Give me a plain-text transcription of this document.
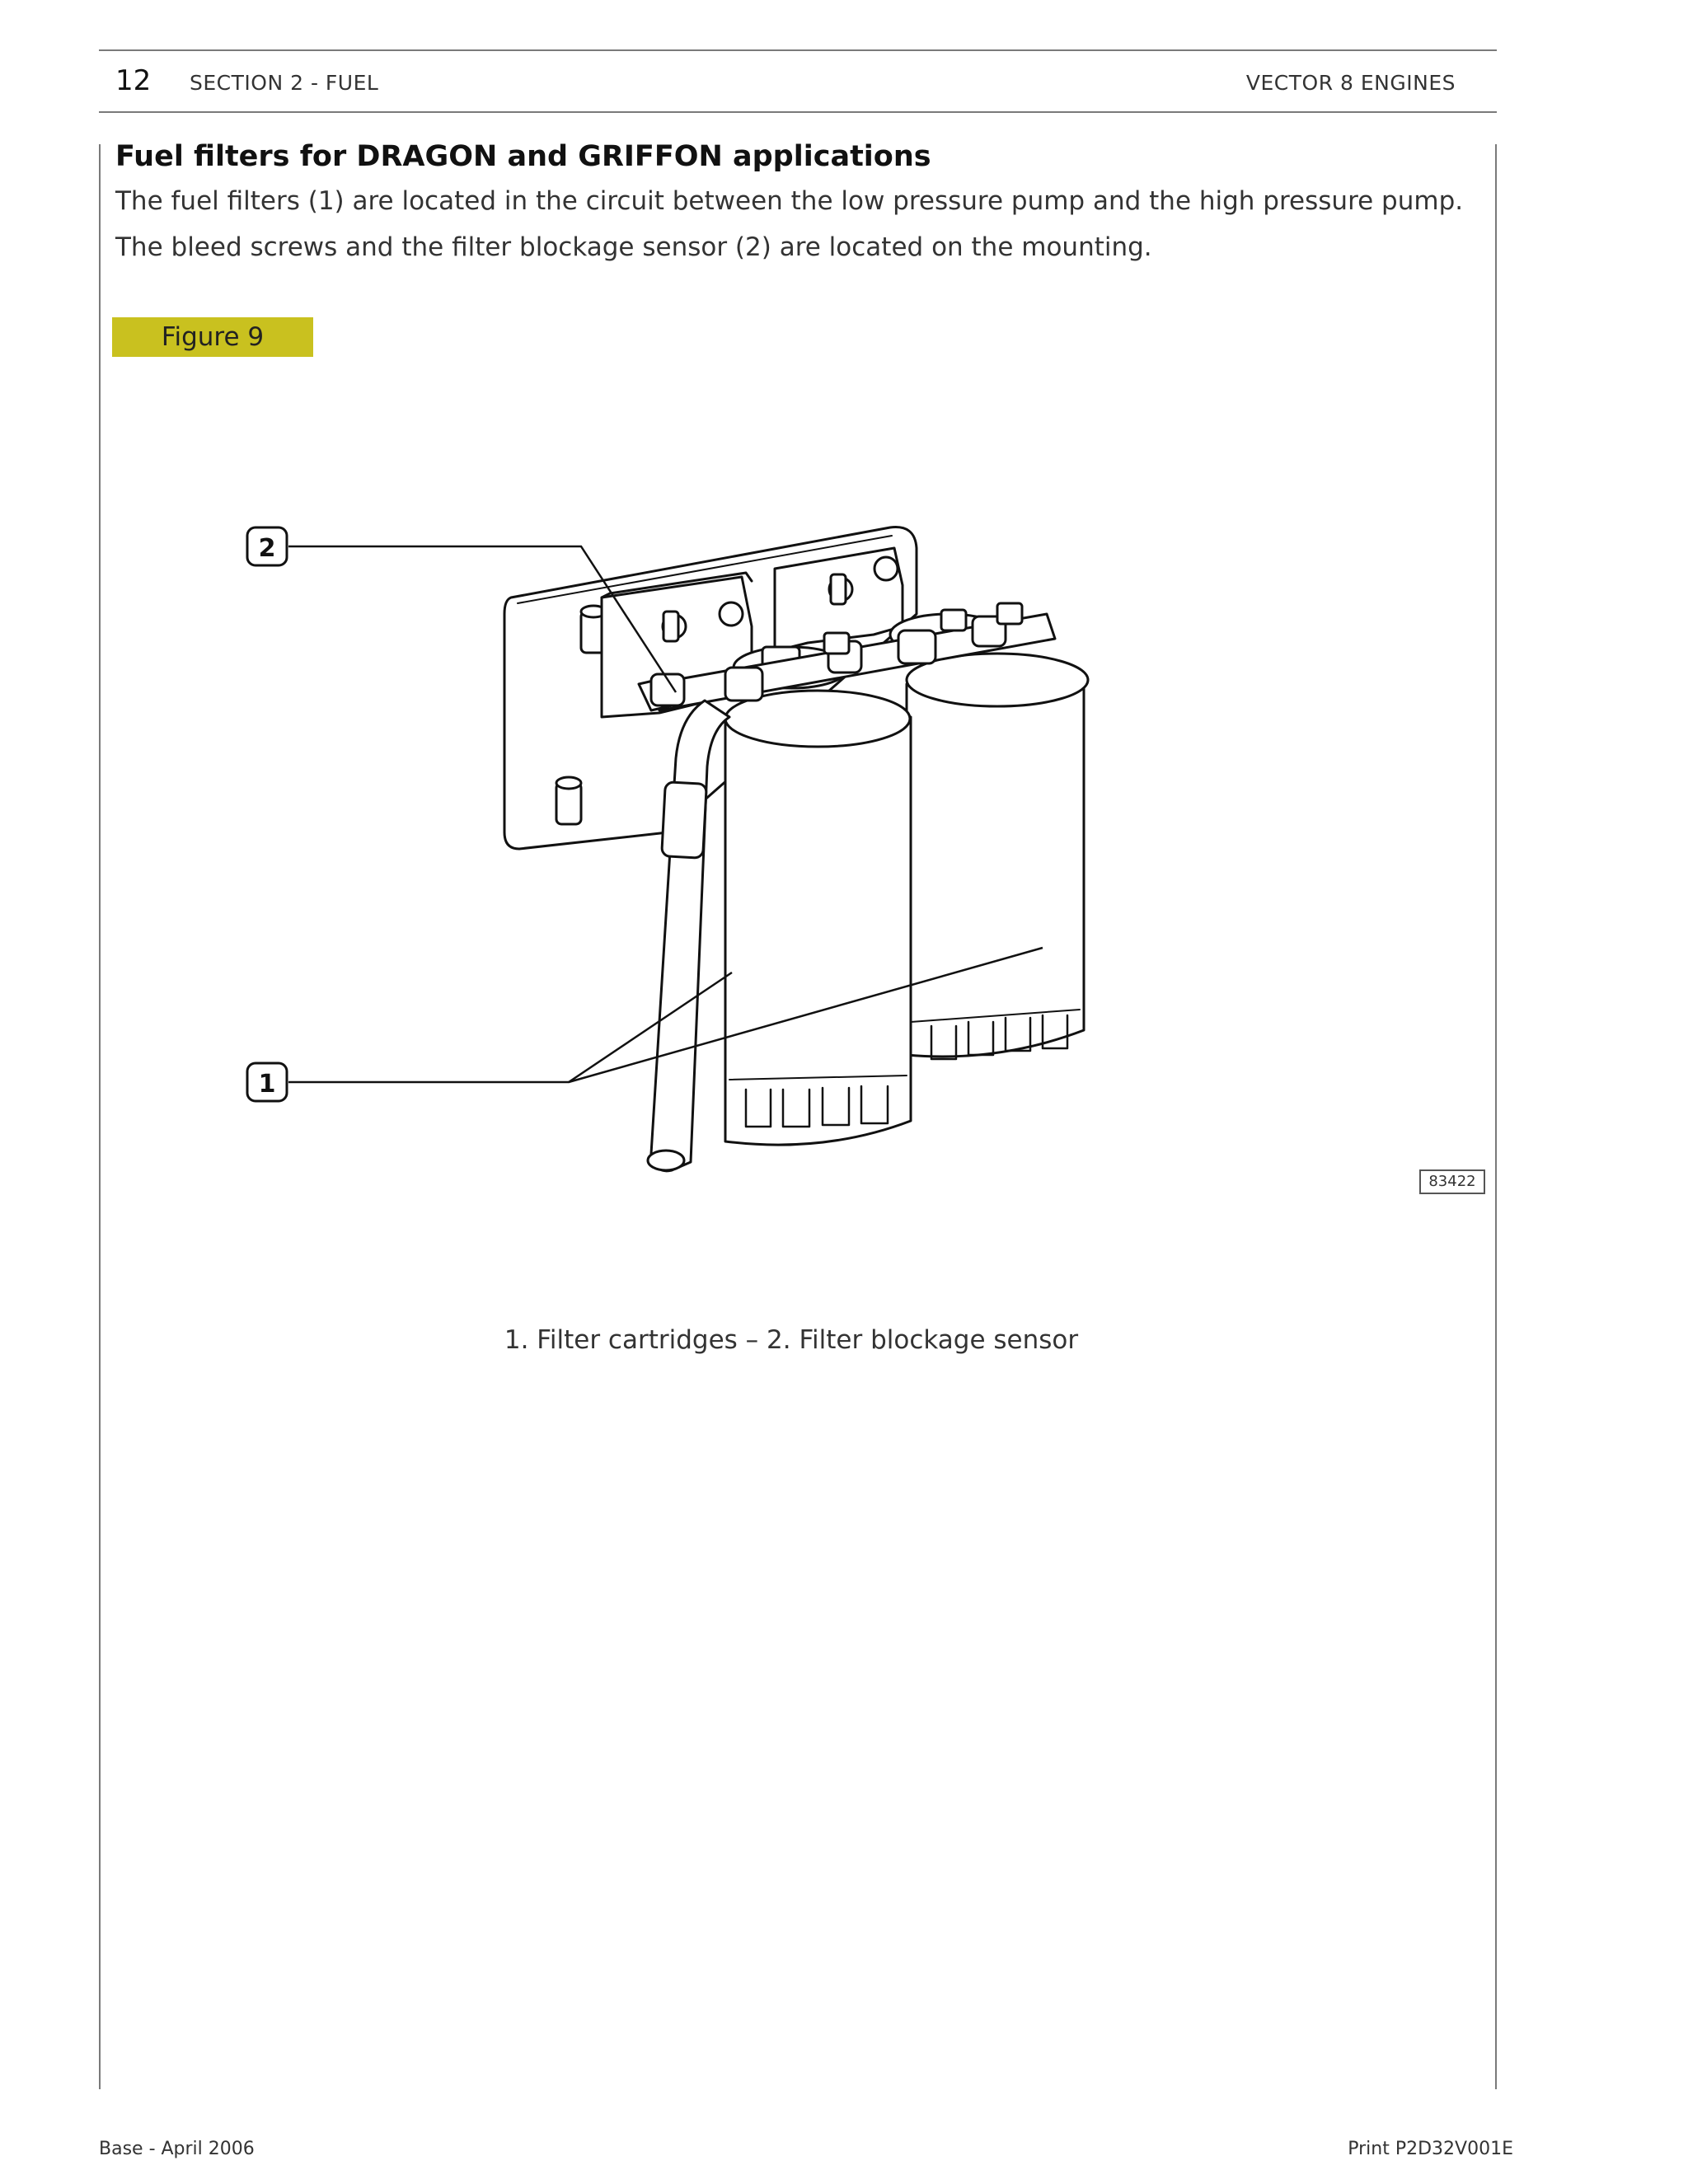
12 SECTION 2 - FUEL	VECTOR 8 ENGINES
Fuel filters for DRAGON and GRIFFON applications

The fuel filters (1) are located in the circuit between the low pressure pump and the high pressure pump.

The bleed screws and the filter blockage sensor (2) are located on the mounting.

Figure 9
2
1
83422
1. Filter cartridges – 2. Filter blockage sensor
Base - April 2006	Print P2D32V001E
